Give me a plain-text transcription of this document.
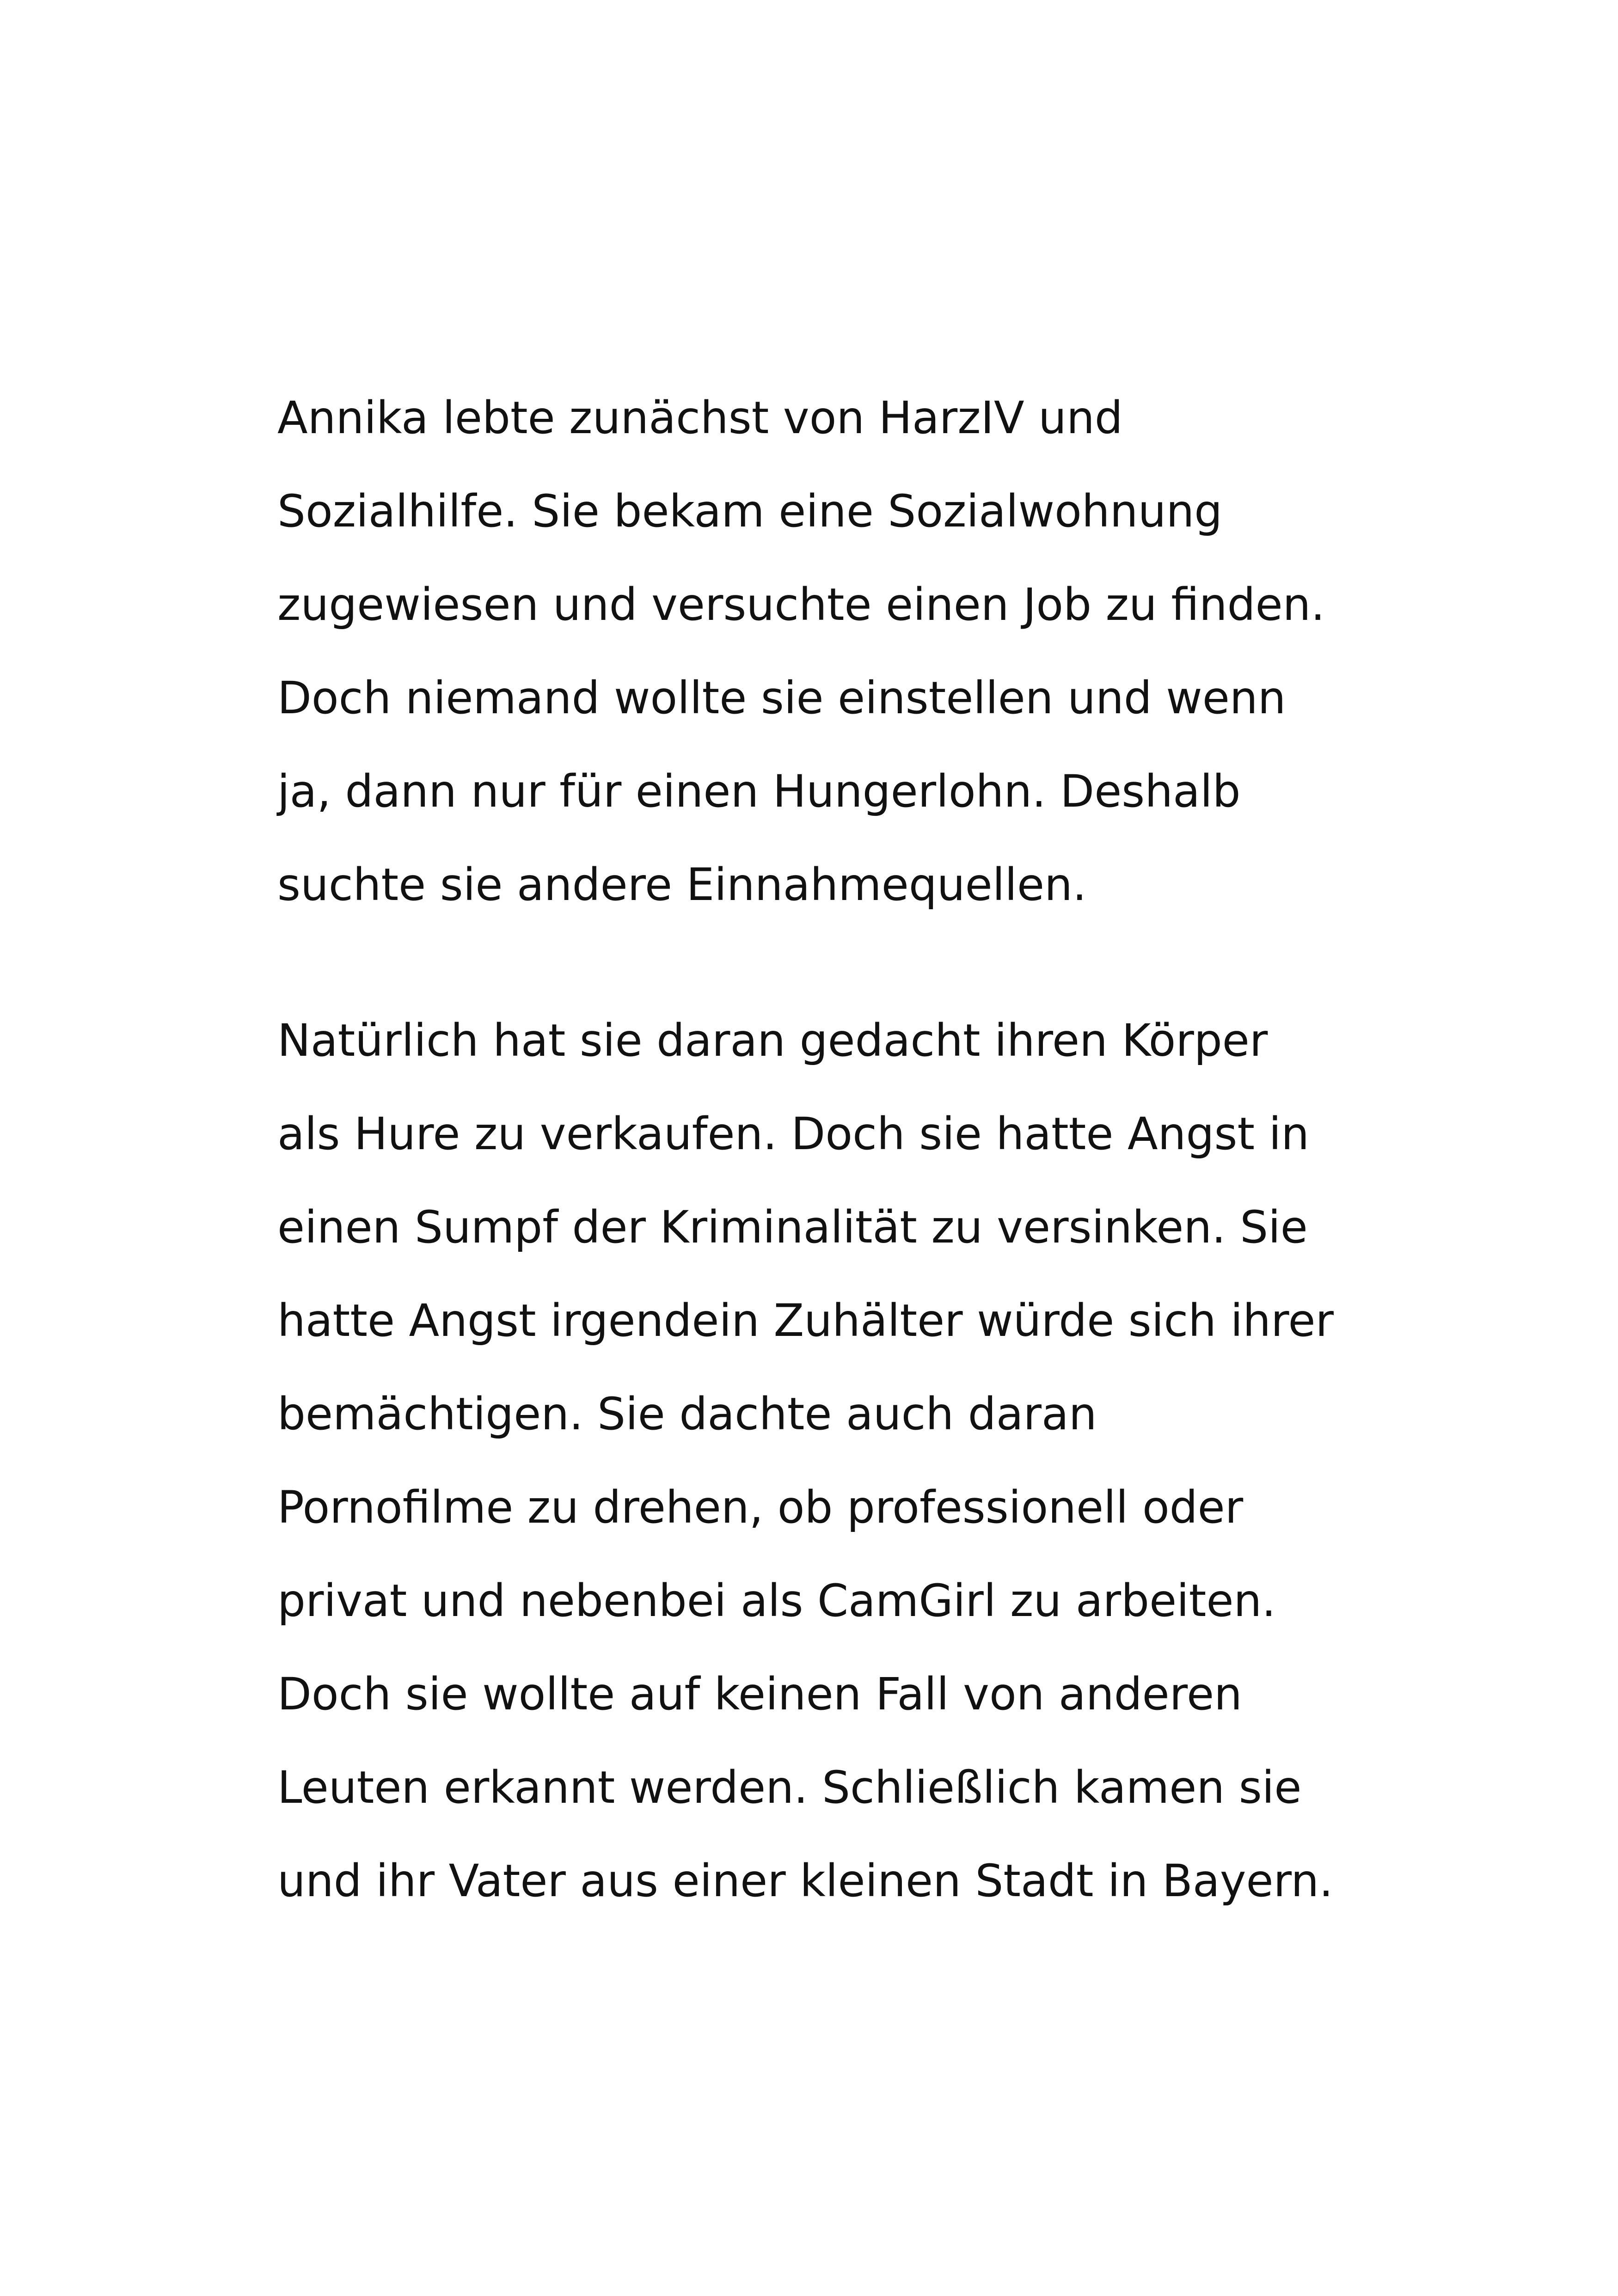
Annika lebte zunächst von HarzIV und
Sozialhilfe. Sie bekam eine Sozialwohnung
zugewiesen und versuchte einen Job zu finden.
Doch niemand wollte sie einstellen und wenn
ja, dann nur für einen Hungerlohn. Deshalb
suchte sie andere Einnahmequellen.
Natürlich hat sie daran gedacht ihren Körper
als Hure zu verkaufen. Doch sie hatte Angst in
einen Sumpf der Kriminalität zu versinken. Sie
hatte Angst irgendein Zuhälter würde sich ihrer
bemächtigen. Sie dachte auch daran
Pornofilme zu drehen, ob professionell oder
privat und nebenbei als CamGirl zu arbeiten.
Doch sie wollte auf keinen Fall von anderen
Leuten erkannt werden. Schließlich kamen sie
und ihr Vater aus einer kleinen Stadt in Bayern.
